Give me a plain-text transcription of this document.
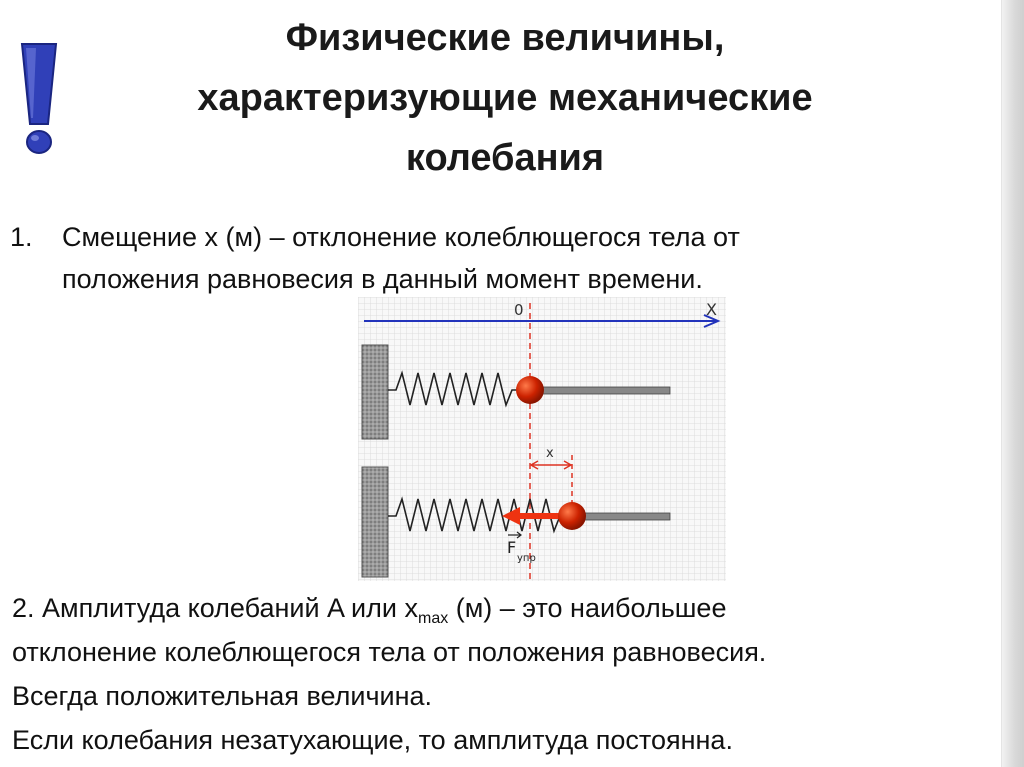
Физические величины,
характеризующие механические
колебания
1. Смещение x (м) – отклонение колеблющегося тела от
положения равновесия в данный момент времени.
0	X
x
F
упр
2. Амплитуда колебаний A или $x_{max}$ (м) – это наибольшее
отклонение колеблющегося тела от положения равновесия.
Всегда положительная величина.
Если колебания незатухающие, то амплитуда постоянна.
